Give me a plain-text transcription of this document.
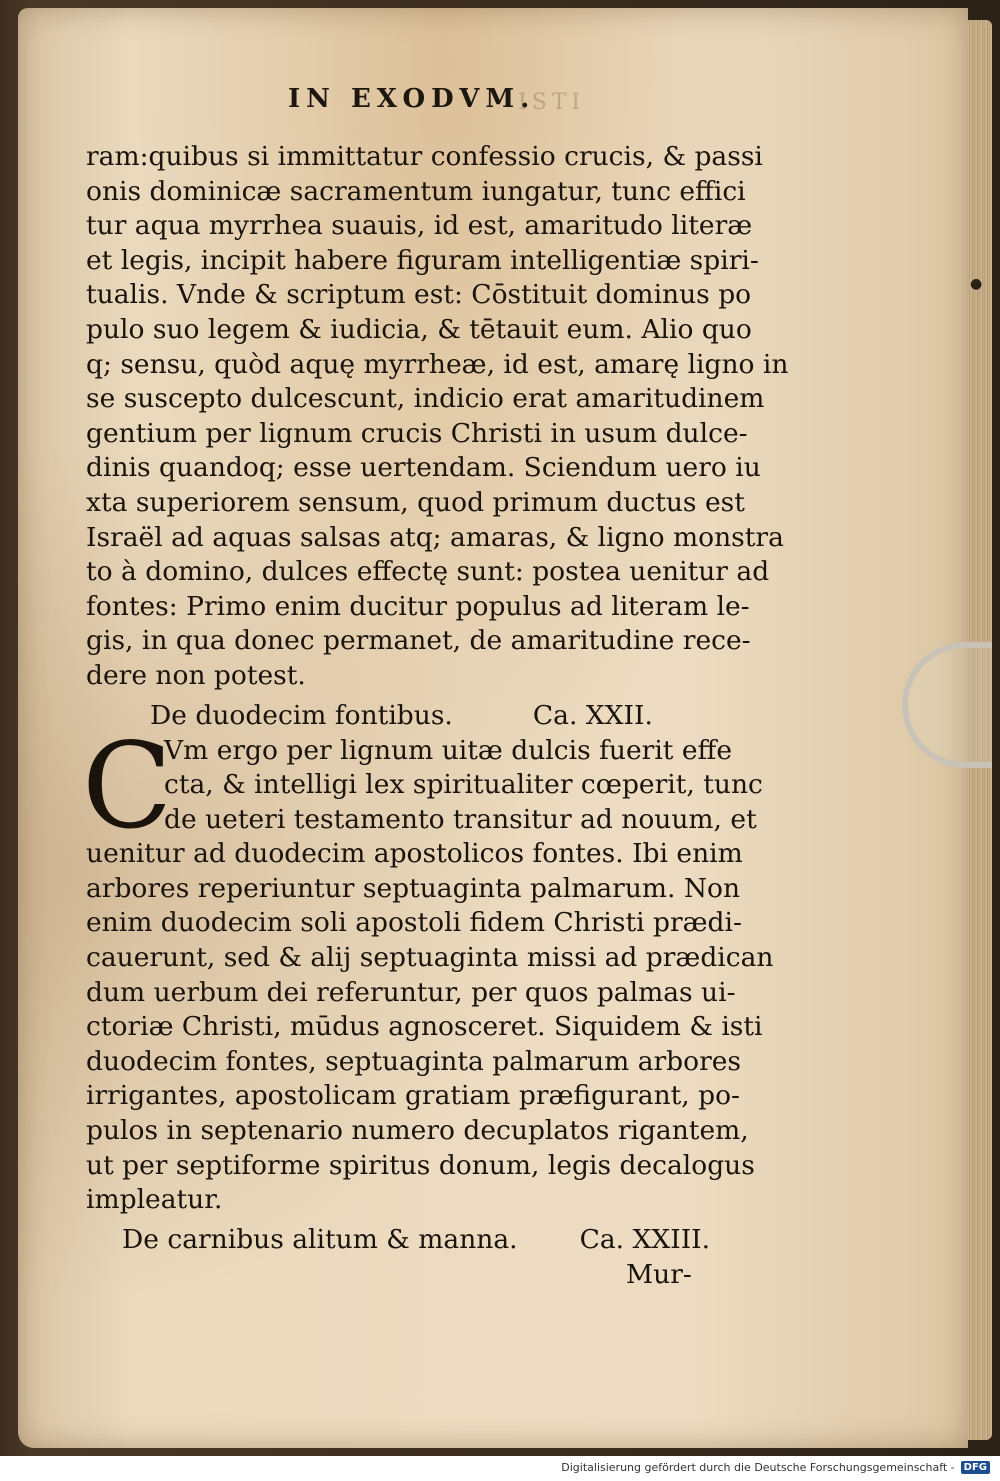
IN EXODVM.
ISTI
ram:quibus si immittatur confessio crucis, & passi
onis dominicæ sacramentum iungatur, tunc effici
tur aqua myrrhea suauis, id est, amaritudo literæ
et legis, incipit habere figuram intelligentiæ spiri-
tualis. Vnde & scriptum est: Cōstituit dominus po
pulo suo legem & iudicia, & tētauit eum. Alio quo
q; sensu, quòd aquę myrrheæ, id est, amarę ligno in
se suscepto dulcescunt, indicio erat amaritudinem
gentium per lignum crucis Christi in usum dulce-
dinis quandoq; esse uertendam. Sciendum uero iu
xta superiorem sensum, quod primum ductus est
Israël ad aquas salsas atq; amaras, & ligno monstra
to à domino, dulces effectę sunt: postea uenitur ad
fontes: Primo enim ducitur populus ad literam le-
gis, in qua donec permanet, de amaritudine rece-
dere non potest.
De duodecim fontibus.	Ca. XXII.
C
Vm ergo per lignum uitæ dulcis fuerit effe
cta, & intelligi lex spiritualiter cœperit, tunc
de ueteri testamento transitur ad nouum, et
uenitur ad duodecim apostolicos fontes. Ibi enim
arbores reperiuntur septuaginta palmarum. Non
enim duodecim soli apostoli fidem Christi prædi-
cauerunt, sed & alij septuaginta missi ad prædican
dum uerbum dei referuntur, per quos palmas ui-
ctoriæ Christi, mūdus agnosceret. Siquidem & isti
duodecim fontes, septuaginta palmarum arbores
irrigantes, apostolicam gratiam præfigurant, po-
pulos in septenario numero decuplatos rigantem,
ut per septiforme spiritus donum, legis decalogus
impleatur.
De carnibus alitum & manna. Ca. XXIII.
Mur-
●
Digitalisierung gefördert durch die Deutsche Forschungsgemeinschaft - DFG
